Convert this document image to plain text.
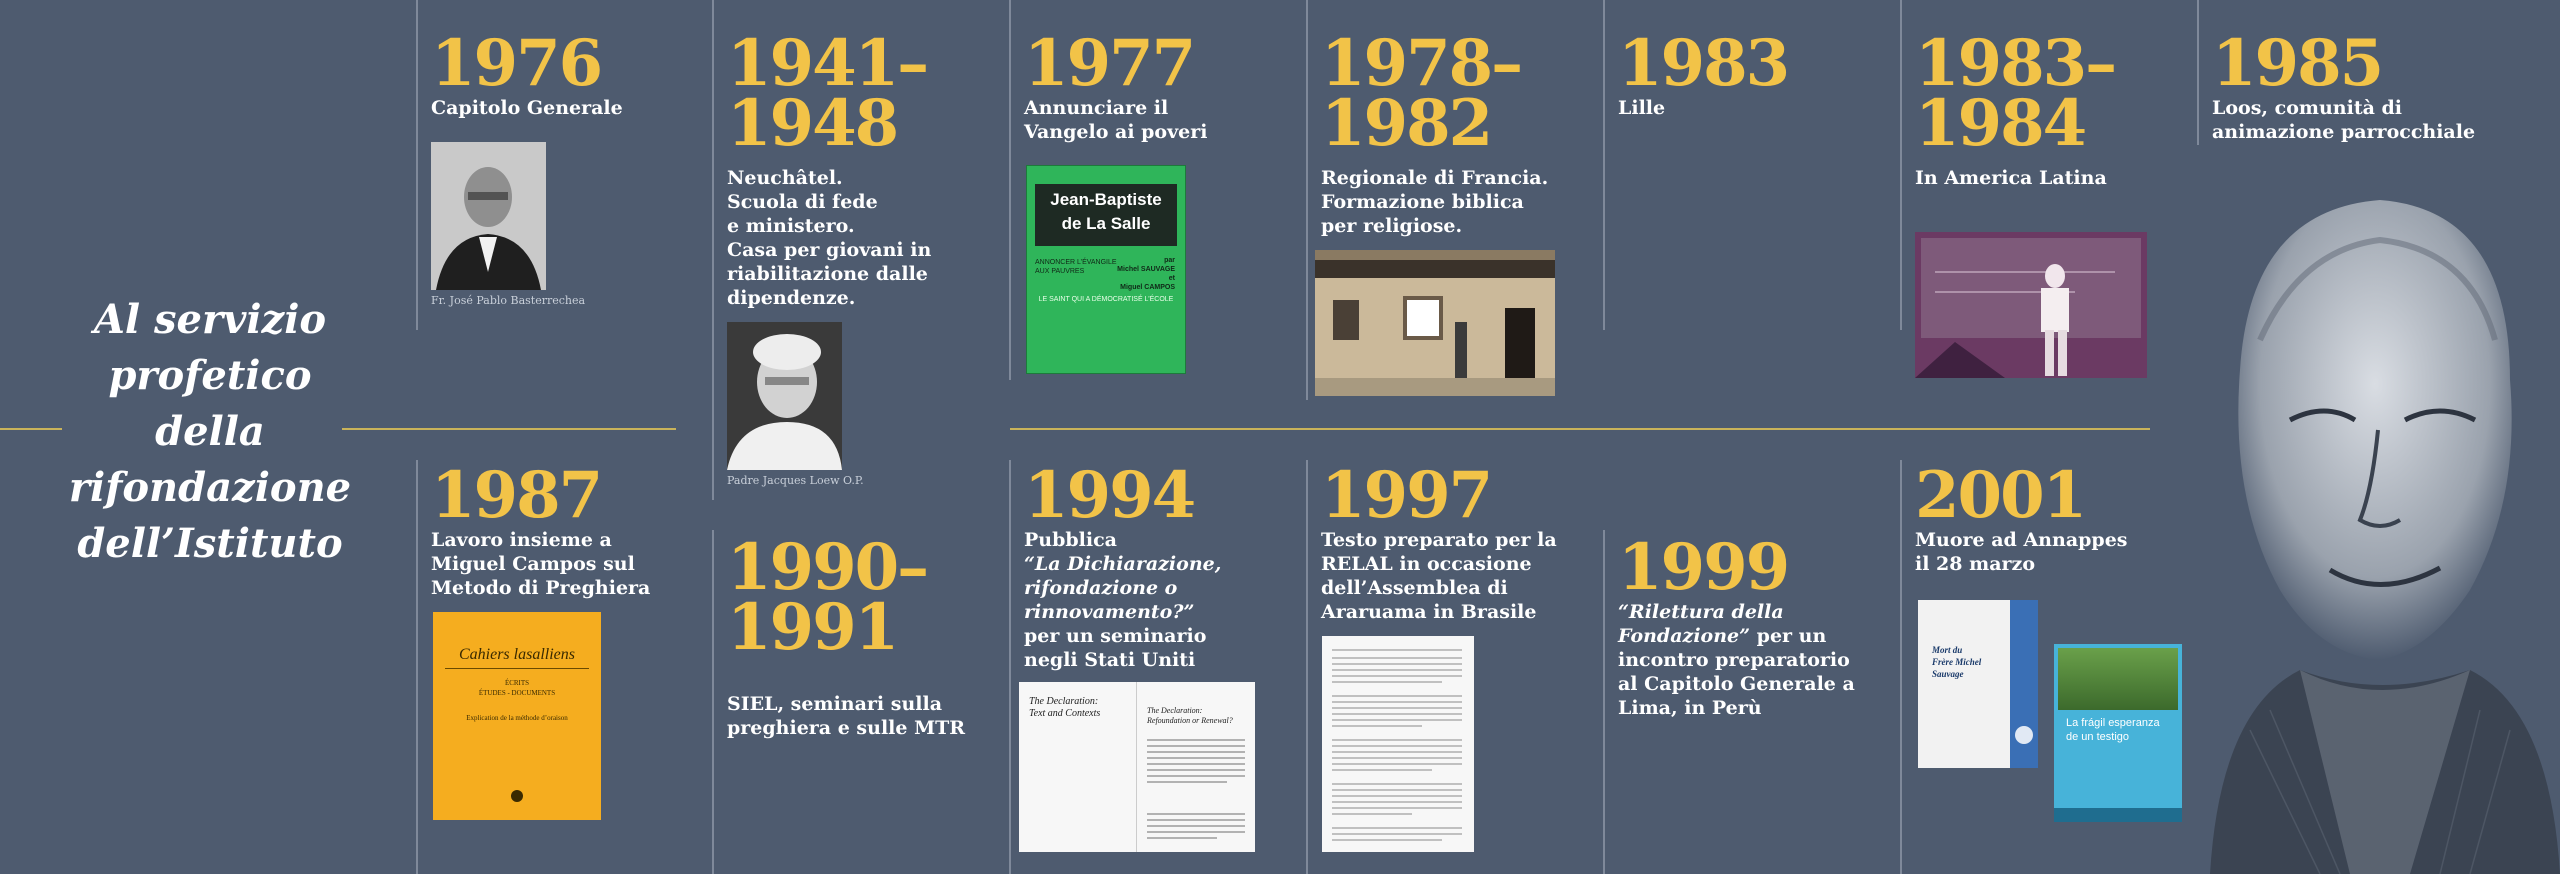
Al servizio
profetico
della
rifondazione
dell’Istituto
1976
Capitolo Generale
Fr. José Pablo Basterrechea
1941–
1948
Neuchâtel.
Scuola di fede
e ministero.
Casa per giovani in
riabilitazione dalle
dipendenze.
Padre Jacques Loew O.P.
1977
Annunciare il
Vangelo ai poveri
Jean-Baptiste
de La Salle
ANNONCER L’ÉVANGILE
AUX PAUVRES
par
Michel SAUVAGE
et
Miguel CAMPOS
LE SAINT QUI A DÉMOCRATISÉ L’ÉCOLE
1978–
1982
Regionale di Francia.
Formazione biblica
per religiose.
1983
Lille
1983–
1984
In America Latina
1985
Loos, comunità di
animazione parrocchiale
1987
Lavoro insieme a
Miguel Campos sul
Metodo di Preghiera
Cahiers lasalliens
ÉCRITS
ÉTUDES - DOCUMENTS
Explication de la méthode d’oraison
1990–
1991
SIEL, seminari sulla
preghiera e sulle MTR
1994
Pubblica
“La Dichiarazione,
rifondazione o
rinnovamento?”
per un seminario
negli Stati Uniti
The Declaration:
Text and Contexts	The Declaration:
Refoundation or Renewal?
1997
Testo preparato per la
RELAL in occasione
dell’Assemblea di
Araruama in Brasile
1999
“Rilettura della
Fondazione” per un
incontro preparatorio
al Capitolo Generale a
Lima, in Perù
2001
Muore ad Annappes
il 28 marzo
Mort du
Frère Michel Sauvage
La frágil esperanza
de un testigo
